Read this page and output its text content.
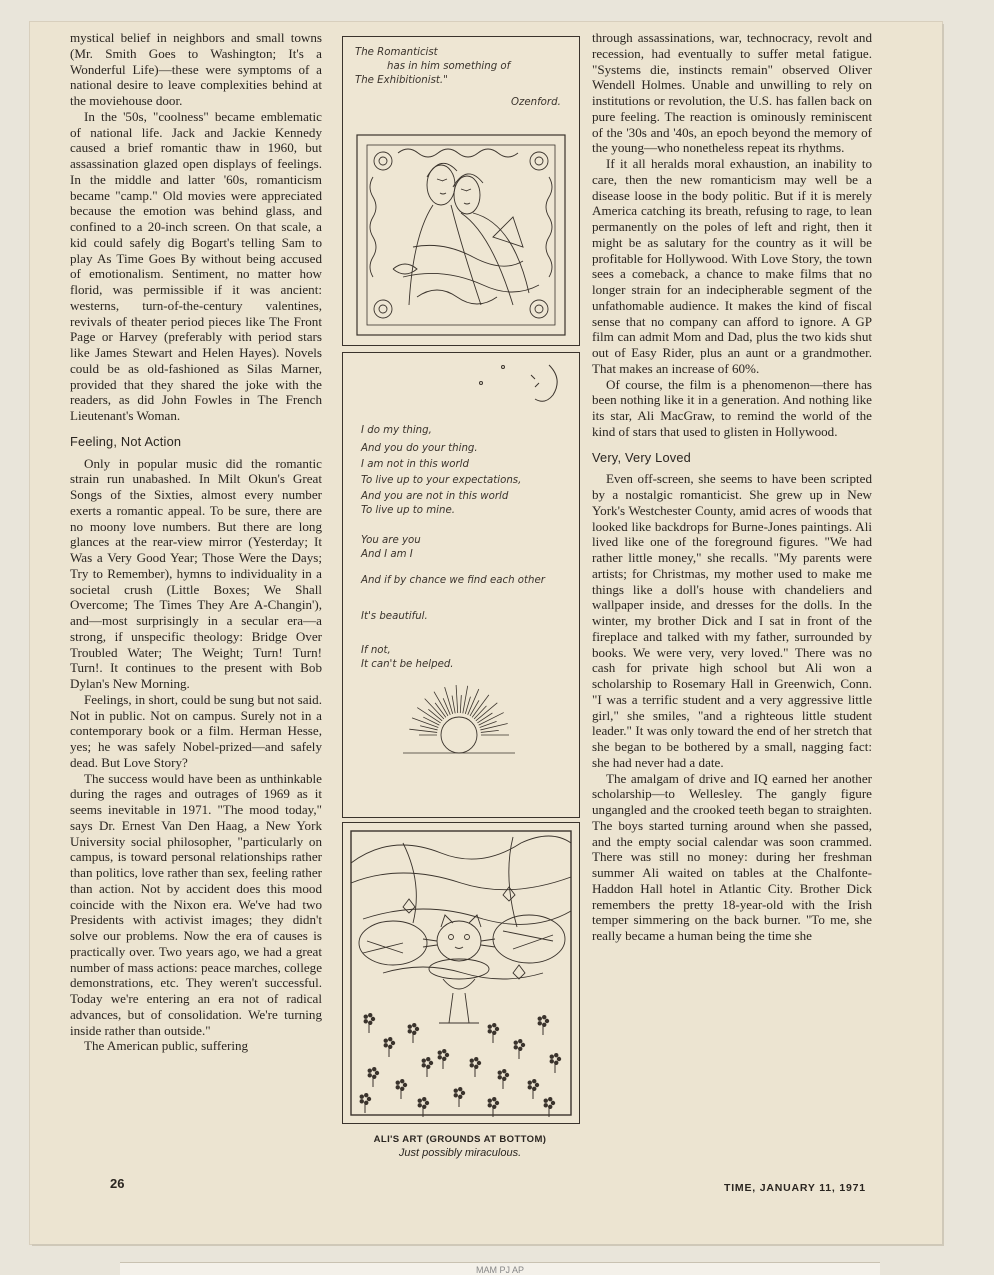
mystical belief in neighbors and small towns (Mr. Smith Goes to Washington; It's a Wonderful Life)—these were symptoms of a national desire to leave complexities behind at the moviehouse door.

In the '50s, "coolness" became emblematic of national life. Jack and Jackie Kennedy caused a brief romantic thaw in 1960, but assassination glazed open displays of feelings. In the middle and latter '60s, romanticism became "camp." Old movies were appreciated because the emotion was behind glass, and confined to a 20-inch screen. On that scale, a kid could safely dig Bogart's telling Sam to play As Time Goes By without being accused of emotionalism. Sentiment, no matter how florid, was permissible if it was ancient: westerns, turn-of-the-century valentines, revivals of theater period pieces like The Front Page or Harvey (preferably with period stars like James Stewart and Helen Hayes). Novels could be as old-fashioned as Silas Marner, provided that they shared the joke with the readers, as did John Fowles in The French Lieutenant's Woman.

Feeling, Not Action

Only in popular music did the romantic strain run unabashed. In Milt Okun's Great Songs of the Sixties, almost every number exerts a romantic appeal. To be sure, there are no moony love numbers. But there are long glances at the rear-view mirror (Yesterday; It Was a Very Good Year; Those Were the Days; Try to Remember), hymns to individuality in a societal crush (Little Boxes; We Shall Overcome; The Times They Are A-Changin'), and—most surprisingly in a secular era—a strong, if unspecific theology: Bridge Over Troubled Water; The Weight; Turn! Turn! Turn!. It continues to the present with Bob Dylan's New Morning.

Feelings, in short, could be sung but not said. Not in public. Not on campus. Surely not in a contemporary book or a film. Herman Hesse, yes; he was safely Nobel-prized—and safely dead. But Love Story?

The success would have been as unthinkable during the rages and outrages of 1969 as it seems inevitable in 1971. "The mood today," says Dr. Ernest Van Den Haag, a New York University social philosopher, "particularly on campus, is toward personal relationships rather than politics, love rather than sex, feeling rather than action. Not by accident does this mood coincide with the Nixon era. We've had two Presidents with activist images; they didn't solve our problems. Now the era of causes is practically over. Two years ago, we had a great number of mass actions: peace marches, college demonstrations, etc. They weren't successful. Today we're entering an era not of radical advances, but of consolidation. We're turning inside rather than outside."

The American public, suffering

The Romanticist
has in him something of
The Exhibitionist."
Ozenford.
I do my thing,
And you do your thing.
I am not in this world
To live up to your expectations,
And you are not in this world
To live up to mine.
You are you
And I am I
And if by chance we find each other
It's beautiful.
If not,
It can't be helped.
ALI'S ART (GROUNDS AT BOTTOM)
Just possibly miraculous.

through assassinations, war, technocracy, revolt and recession, had eventually to suffer metal fatigue. "Systems die, instincts remain" observed Oliver Wendell Holmes. Unable and unwilling to rely on institutions or revolution, the U.S. has fallen back on pure feeling. The reaction is ominously reminiscent of the '30s and '40s, an epoch beyond the memory of the young—who nonetheless repeat its rhythms.

If it all heralds moral exhaustion, an inability to care, then the new romanticism may well be a disease loose in the body politic. But if it is merely America catching its breath, refusing to rage, to lean permanently on the poles of left and right, then it might be as salutary for the country as it will be profitable for Hollywood. With Love Story, the town sees a comeback, a chance to make films that no longer strain for an indecipherable segment of the unfathomable audience. It makes the kind of fiscal sense that no company can afford to ignore. A GP film can admit Mom and Dad, plus the two kids shut out of Easy Rider, plus an aunt or a grandmother. That makes an increase of 60%.

Of course, the film is a phenomenon—there has been nothing like it in a generation. And nothing like its star, Ali MacGraw, to remind the world of the kind of stars that used to glisten in Hollywood.

Very, Very Loved

Even off-screen, she seems to have been scripted by a nostalgic romanticist. She grew up in New York's Westchester County, amid acres of woods that looked like backdrops for Burne-Jones paintings. Ali lived like one of the foreground figures. "We had rather little money," she recalls. "My parents were artists; for Christmas, my mother used to make me things like a doll's house with chandeliers and wallpaper inside, and dresses for the dolls. In the winter, my brother Dick and I sat in front of the fireplace and talked with my father, surrounded by books. We were very, very loved." There was no cash for private high school but Ali won a scholarship to Rosemary Hall in Greenwich, Conn. "I was a terrific student and a very aggressive little girl," she smiles, "and a righteous little student leader." It was only toward the end of her stretch that she began to be bothered by a small, nagging fact: she had never had a date.

The amalgam of drive and IQ earned her another scholarship—to Wellesley. The gangly figure ungangled and the crooked teeth began to straighten. The boys started turning around when she passed, and the empty social calendar was soon crammed. There was still no money: during her freshman summer Ali waited on tables at the Chalfonte-Haddon Hall hotel in Atlantic City. Brother Dick remembers the pretty 18-year-old with the Irish temper simmering on the back burner. "To me, she really became a human being the time she

26	TIME, JANUARY 11, 1971
MAM PJ AP
